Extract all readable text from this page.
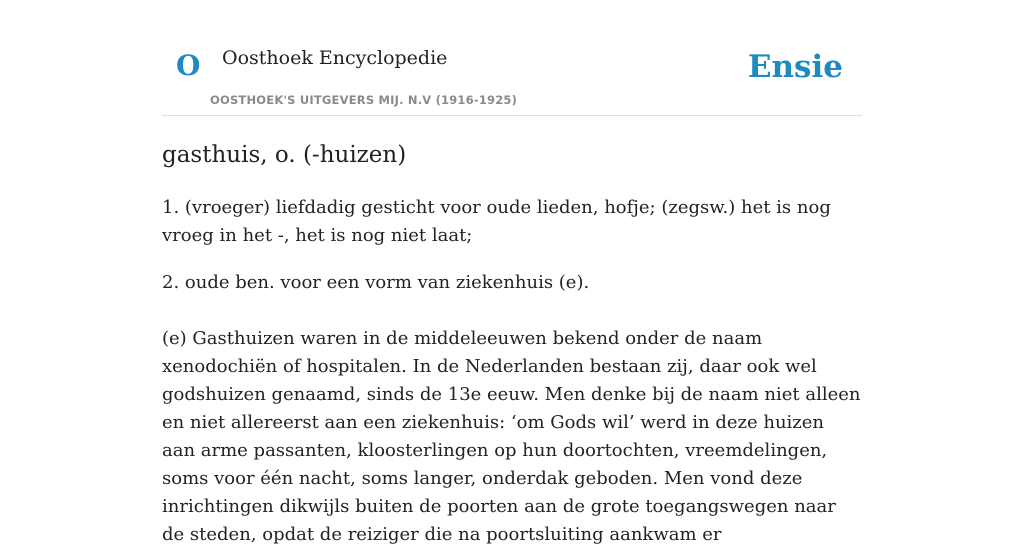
O Oosthoek Encyclopedie
OOSTHOEK'S UITGEVERS MIJ. N.V (1916-1925)
Ensie
gasthuis, o. (-huizen)

1. (vroeger) liefdadig gesticht voor oude lieden, hofje; (zegsw.) het is nog vroeg in het -, het is nog niet laat;

2. oude ben. voor een vorm van ziekenhuis (e).

(e) Gasthuizen waren in de middeleeuwen bekend onder de naam xenodochiën of hospitalen. In de Nederlanden bestaan zij, daar ook wel godshuizen genaamd, sinds de 13e eeuw. Men denke bij de naam niet alleen en niet allereerst aan een ziekenhuis: ‘om Gods wil’ werd in deze huizen aan arme passanten, kloosterlingen op hun doortochten, vreemdelingen, soms voor één nacht, soms langer, onderdak geboden. Men vond deze inrichtingen dikwijls buiten de poorten aan de grote toegangswegen naar de steden, opdat de reiziger die na poortsluiting aankwam er
